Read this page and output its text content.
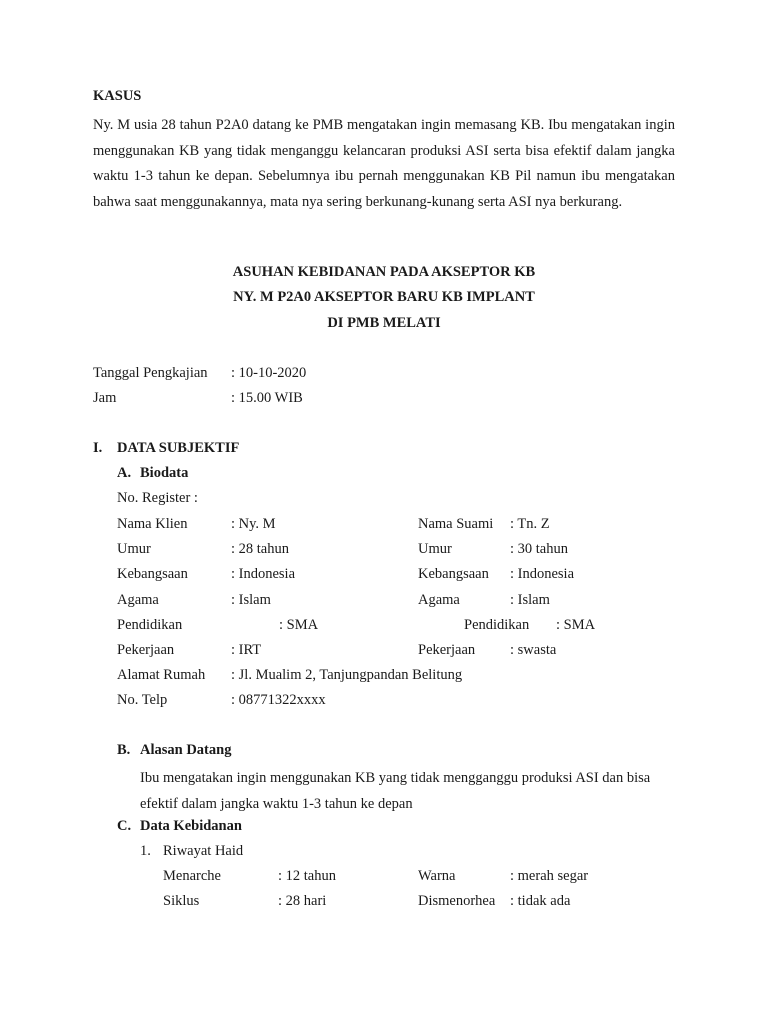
KASUS
Ny. M usia 28 tahun P2A0 datang ke PMB mengatakan ingin memasang KB. Ibu mengatakan ingin menggunakan KB yang tidak menganggu kelancaran produksi ASI serta bisa efektif dalam jangka waktu 1-3 tahun ke depan. Sebelumnya ibu pernah menggunakan KB Pil namun ibu mengatakan bahwa saat menggunakannya, mata nya sering berkunang-kunang serta ASI nya berkurang.
ASUHAN KEBIDANAN PADA AKSEPTOR KB
NY. M P2A0 AKSEPTOR BARU KB IMPLANT
DI PMB MELATI
Tanggal Pengkajian : 10-10-2020
Jam	: 15.00 WIB
I. DATA SUBJEKTIF
A. Biodata
No. Register :
Nama Klien	: Ny. M	Nama Suami : Tn. Z
Umur	: 28 tahun	Umur	: 30 tahun
Kebangsaan	: Indonesia	Kebangsaan : Indonesia
Agama	: Islam	Agama	: Islam
Pendidikan	: SMA	Pendidikan : SMA
Pekerjaan	: IRT	Pekerjaan : swasta
Alamat Rumah : Jl. Mualim 2, Tanjungpandan Belitung
No. Telp	: 08771322xxxx
B. Alasan Datang
Ibu mengatakan ingin menggunakan KB yang tidak mengganggu produksi ASI dan bisa efektif dalam jangka waktu 1-3 tahun ke depan
C. Data Kebidanan
1. Riwayat Haid
Menarche	: 12 tahun	Warna	: merah segar
Siklus	: 28 hari	Dismenorhea : tidak ada
